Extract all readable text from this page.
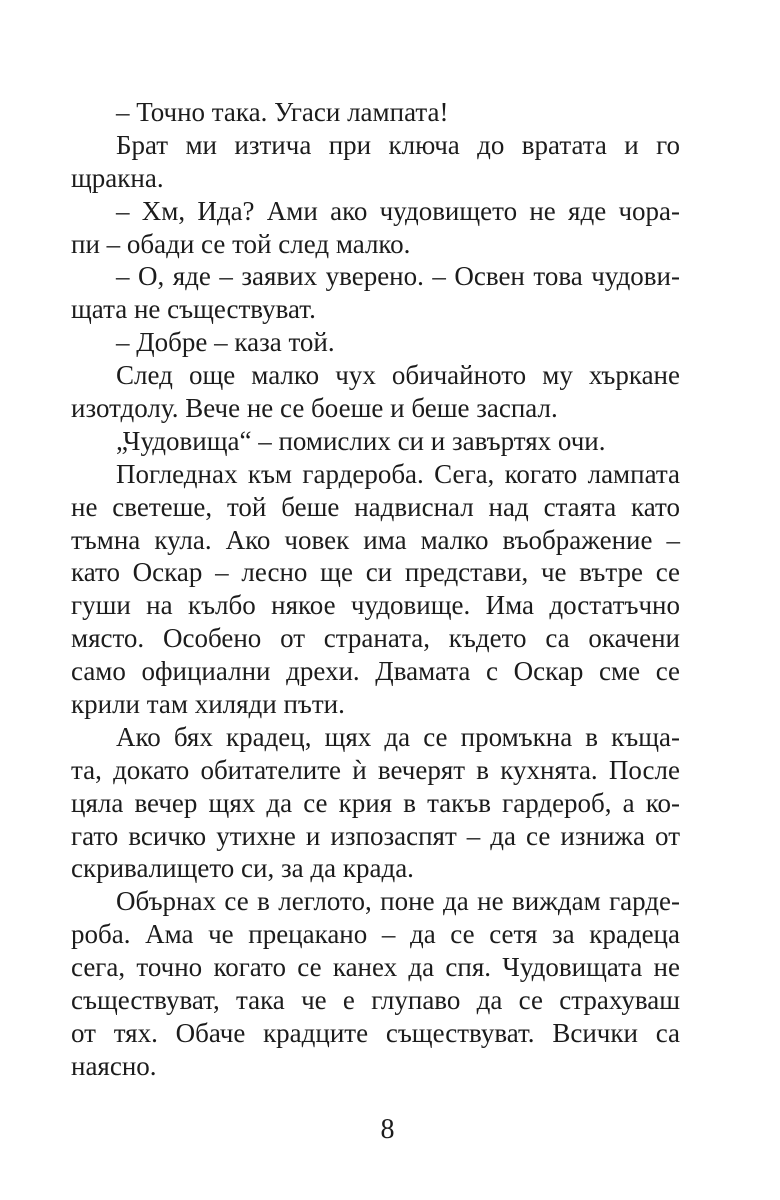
– Точно така. Угаси лампата!
Брат ми изтича при ключа до вратата и го
щракна.
– Хм, Ида? Ами ако чудовището не яде чора-
пи – обади се той след малко.
– О, яде – заявих уверено. – Освен това чудови-
щата не съществуват.
– Добре – каза той.
След още малко чух обичайното му хъркане
изотдолу. Вече не се боеше и беше заспал.
„Чудовища“ – помислих си и завъртях очи.
Погледнах към гардероба. Сега, когато лампата
не светеше, той беше надвиснал над стаята като
тъмна кула. Ако човек има малко въображение –
като Оскар – лесно ще си представи, че вътре се
гуши на кълбо някое чудовище. Има достатъчно
място. Особено от страната, където са окачени
само официални дрехи. Двамата с Оскар сме се
крили там хиляди пъти.
Ако бях крадец, щях да се промъкна в къща-
та, докато обитателите ѝ вечерят в кухнята. После
цяла вечер щях да се крия в такъв гардероб, а ко-
гато всичко утихне и изпозаспят – да се изнижа от
скривалището си, за да крада.
Обърнах се в леглото, поне да не виждам гарде-
роба. Ама че прецакано – да се сетя за крадеца
сега, точно когато се канех да спя. Чудовищата не
съществуват, така че е глупаво да се страхуваш
от тях. Обаче крадците съществуват. Всички са
наясно.
8
